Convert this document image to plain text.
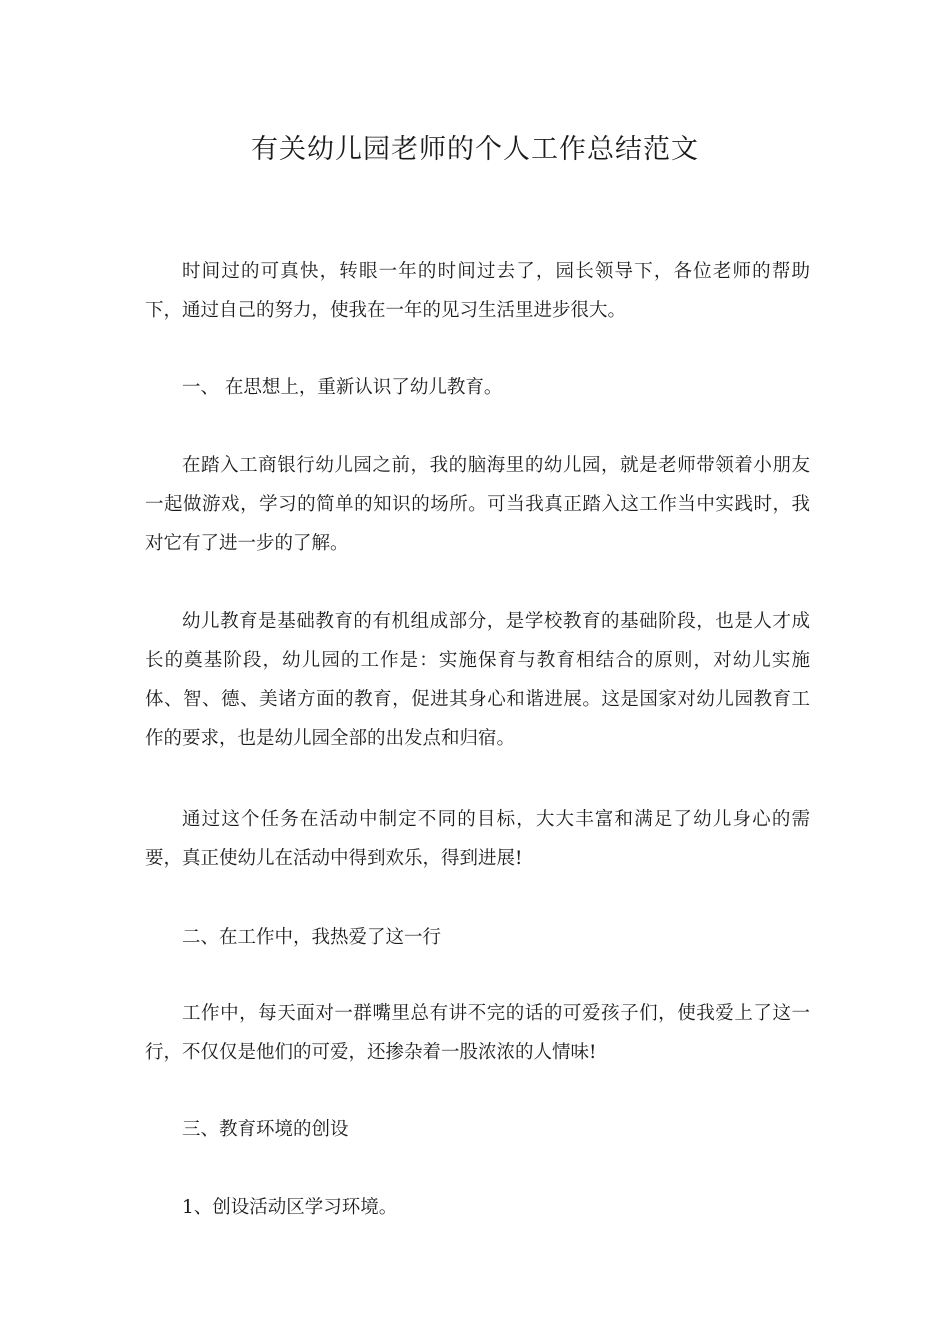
有关幼儿园老师的个人工作总结范文
时间过的可真快，转眼一年的时间过去了，园长领导下，各位老师的帮助下，通过自己的努力，使我在一年的见习生活里进步很大。
一、 在思想上，重新认识了幼儿教育。
在踏入工商银行幼儿园之前，我的脑海里的幼儿园，就是老师带领着小朋友一起做游戏，学习的简单的知识的场所。可当我真正踏入这工作当中实践时，我对它有了进一步的了解。
幼儿教育是基础教育的有机组成部分，是学校教育的基础阶段，也是人才成长的奠基阶段，幼儿园的工作是：实施保育与教育相结合的原则，对幼儿实施体、智、德、美诸方面的教育，促进其身心和谐进展。这是国家对幼儿园教育工作的要求，也是幼儿园全部的出发点和归宿。
通过这个任务在活动中制定不同的目标，大大丰富和满足了幼儿身心的需要，真正使幼儿在活动中得到欢乐，得到进展!
二、在工作中，我热爱了这一行
工作中，每天面对一群嘴里总有讲不完的话的可爱孩子们，使我爱上了这一行，不仅仅是他们的可爱，还掺杂着一股浓浓的人情味!
三、教育环境的创设
1、创设活动区学习环境。
